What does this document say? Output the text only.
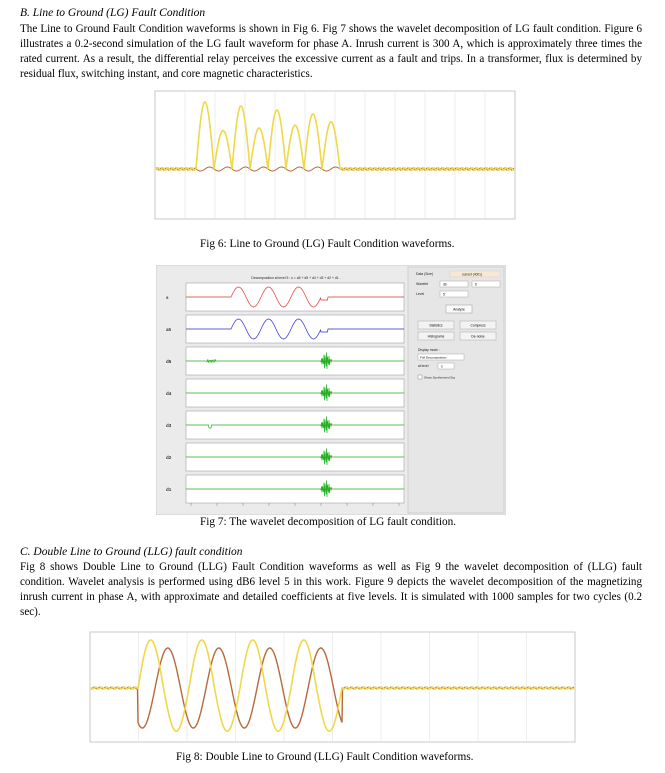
B. Line to Ground (LG) Fault Condition
The Line to Ground Fault Condition waveforms is shown in Fig 6. Fig 7 shows the wavelet decomposition of LG fault condition. Figure 6 illustrates a 0.2-second simulation of the LG fault waveform for phase A. Inrush current is 300 A, which is approximately three times the rated current. As a result, the differential relay perceives the excessive current as a fault and trips. In a transformer, flux is determined by residual flux, switching instant, and core magnetic characteristics.
Fig 6: Line to Ground (LG) Fault Condition waveforms.
Decomposition at level 5 : s = a5 + d5 + d4 + d3 + d2 + d1 .
s
a5
d5
d4
d3
d2
d1
Data (Size)	current (4001)
Wavelet	db	6
Level	5
Analyze
Statistics	Compress
Histograms	De-noise
Display mode :
Full Decomposition
at level	5
Show Synthesized Sig
Fig 7: The wavelet decomposition of LG fault condition.
C. Double Line to Ground (LLG) fault condition
Fig 8 shows Double Line to Ground (LLG) Fault Condition waveforms as well as Fig 9 the wavelet decomposition of (LLG) fault condition. Wavelet analysis is performed using dB6 level 5 in this work. Figure 9 depicts the wavelet decomposition of the magnetizing inrush current in phase A, with approximate and detailed coefficients at five levels. It is simulated with 1000 samples for two cycles (0.2 sec).
Fig 8: Double Line to Ground (LLG) Fault Condition waveforms.
